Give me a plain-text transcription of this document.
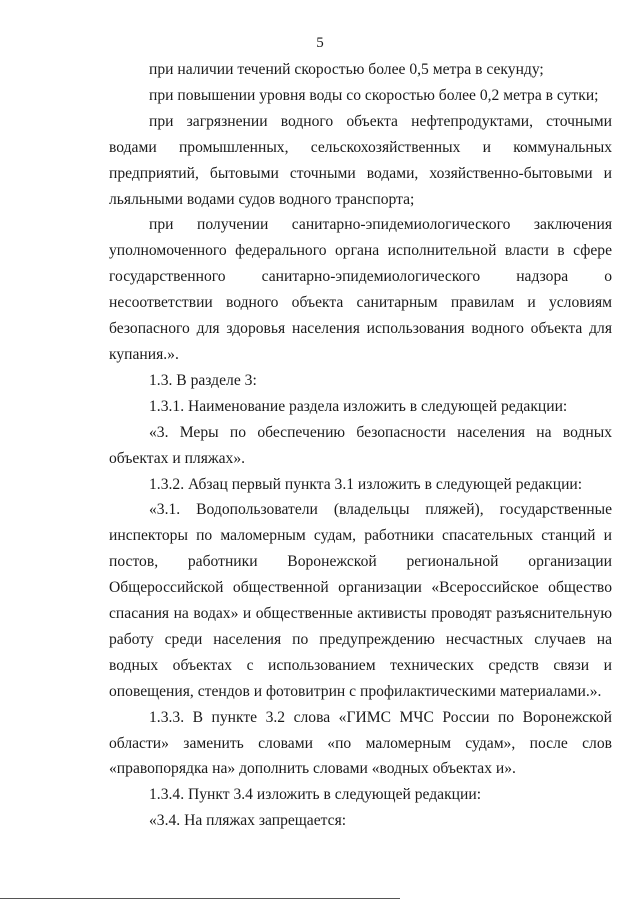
5

при наличии течений скоростью более 0,5 метра в секунду;

при повышении уровня воды со скоростью более 0,2 метра в сутки;

при загрязнении водного объекта нефтепродуктами, сточными водами промышленных, сельскохозяйственных и коммунальных предприятий, бытовыми сточными водами, хозяйственно-бытовыми и льяльными водами судов водного транспорта;

при получении санитарно-эпидемиологического заключения уполномоченного федерального органа исполнительной власти в сфере государственного санитарно-эпидемиологического надзора о несоответствии водного объекта санитарным правилам и условиям безопасного для здоровья населения использования водного объекта для купания.».

1.3. В разделе 3:

1.3.1. Наименование раздела изложить в следующей редакции:

«3. Меры по обеспечению безопасности населения на водных объектах и пляжах».

1.3.2. Абзац первый пункта 3.1 изложить в следующей редакции:

«3.1. Водопользователи (владельцы пляжей), государственные инспекторы по маломерным судам, работники спасательных станций и постов, работники Воронежской региональной организации Общероссийской общественной организации «Всероссийское общество спасания на водах» и общественные активисты проводят разъяснительную работу среди населения по предупреждению несчастных случаев на водных объектах с использованием технических средств связи и оповещения, стендов и фотовитрин с профилактическими материалами.».

1.3.3. В пункте 3.2 слова «ГИМС МЧС России по Воронежской области» заменить словами «по маломерным судам», после слов «правопорядка на» дополнить словами «водных объектах и».

1.3.4. Пункт 3.4 изложить в следующей редакции:

«3.4. На пляжах запрещается:
